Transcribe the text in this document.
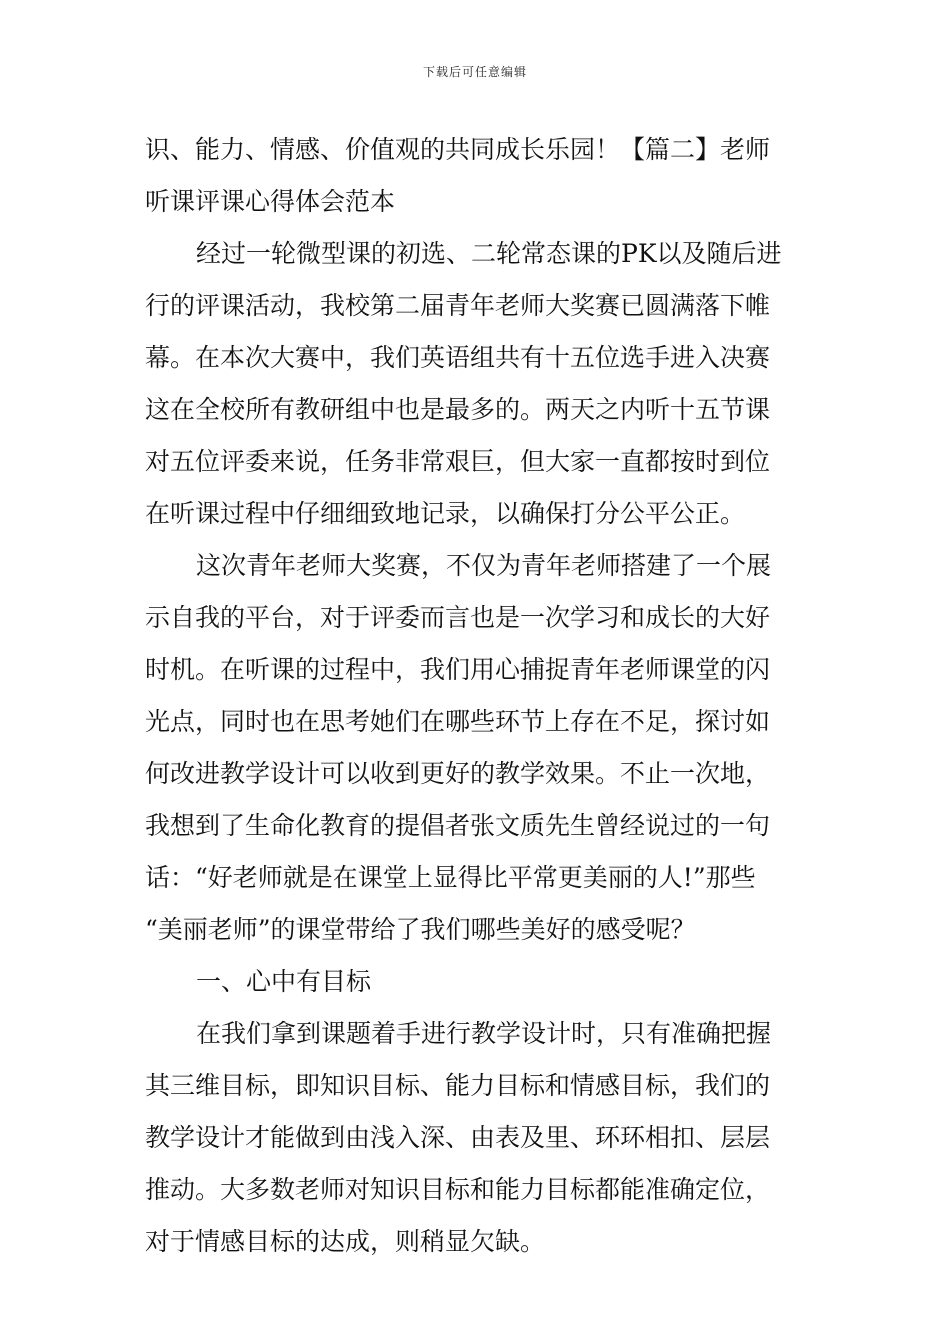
下载后可任意编辑
识、能力、情感、价值观的共同成长乐园！【篇二】老师
听课评课心得体会范本
经过一轮微型课的初选、二轮常态课的PK以及随后进
行的评课活动，我校第二届青年老师大奖赛已圆满落下帷
幕。在本次大赛中，我们英语组共有十五位选手进入决赛
这在全校所有教研组中也是最多的。两天之内听十五节课
对五位评委来说，任务非常艰巨，但大家一直都按时到位
在听课过程中仔细细致地记录，以确保打分公平公正。
这次青年老师大奖赛，不仅为青年老师搭建了一个展
示自我的平台，对于评委而言也是一次学习和成长的大好
时机。在听课的过程中，我们用心捕捉青年老师课堂的闪
光点，同时也在思考她们在哪些环节上存在不足，探讨如
何改进教学设计可以收到更好的教学效果。不止一次地，
我想到了生命化教育的提倡者张文质先生曾经说过的一句
话：“好老师就是在课堂上显得比平常更美丽的人!”那些
“美丽老师”的课堂带给了我们哪些美好的感受呢？
一、心中有目标
在我们拿到课题着手进行教学设计时，只有准确把握
其三维目标，即知识目标、能力目标和情感目标，我们的
教学设计才能做到由浅入深、由表及里、环环相扣、层层
推动。大多数老师对知识目标和能力目标都能准确定位，
对于情感目标的达成，则稍显欠缺。
